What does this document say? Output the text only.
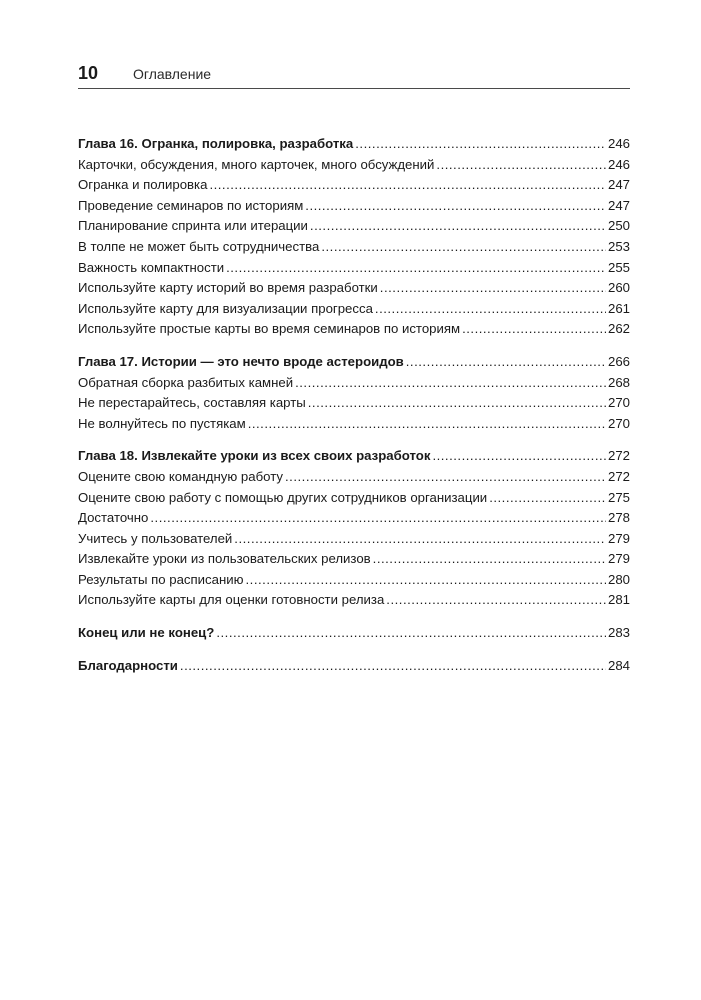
10 Оглавление
Глава 16. Огранка, полировка, разработка .....	246
Карточки, обсуждения, много карточек, много обсуждений .....	246
Огранка и полировка .....	247
Проведение семинаров по историям .....	247
Планирование спринта или итерации .....	250
В толпе не может быть сотрудничества .....	253
Важность компактности .....	255
Используйте карту историй во время разработки .....	260
Используйте карту для визуализации прогресса .....	261
Используйте простые карты во время семинаров по историям .....	262
Глава 17. Истории — это нечто вроде астероидов .....	266
Обратная сборка разбитых камней .....	268
Не перестарайтесь, составляя карты .....	270
Не волнуйтесь по пустякам .....	270
Глава 18. Извлекайте уроки из всех своих разработок .....	272
Оцените свою командную работу .....	272
Оцените свою работу с помощью других сотрудников организации .....	275
Достаточно .....	278
Учитесь у пользователей .....	279
Извлекайте уроки из пользовательских релизов .....	279
Результаты по расписанию .....	280
Используйте карты для оценки готовности релиза .....	281
Конец или не конец? .....	283
Благодарности .....	284
